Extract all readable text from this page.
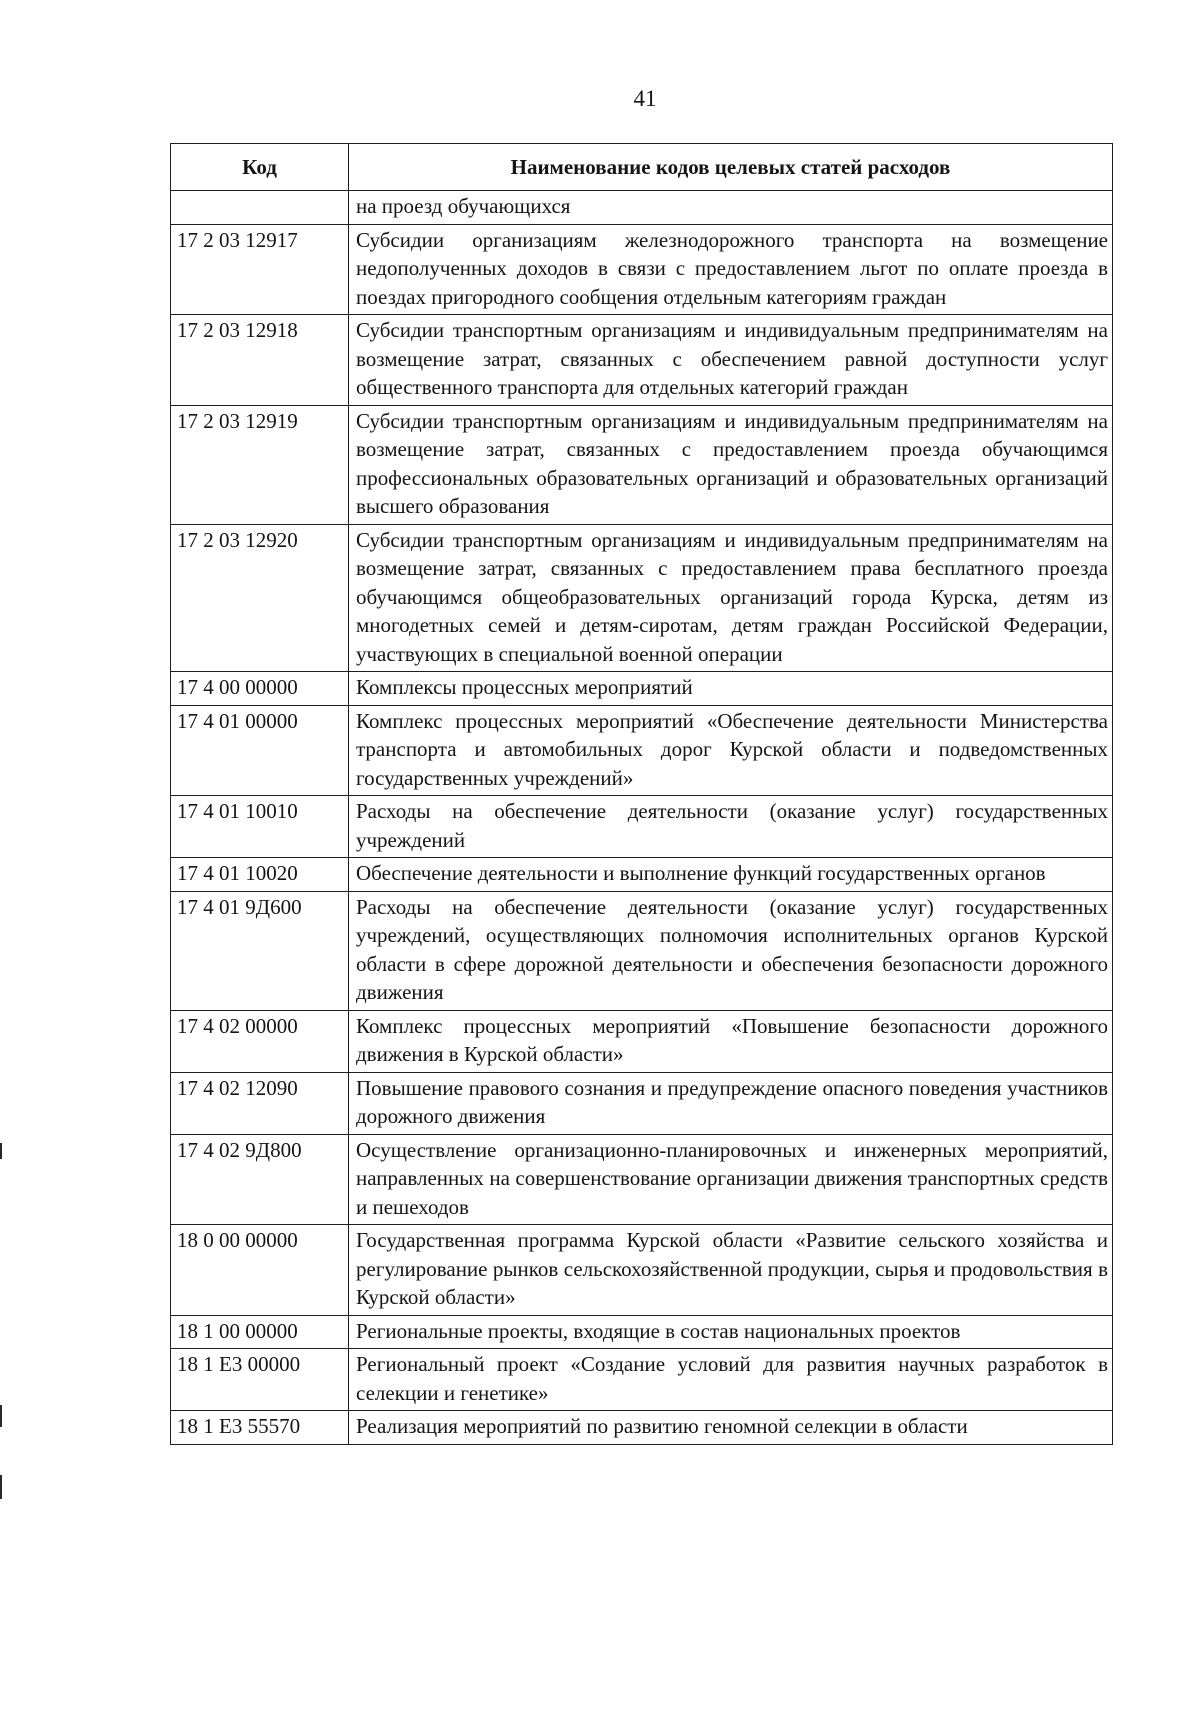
41
Код	Наименование кодов целевых статей расходов
	на проезд обучающихся
17 2 03 12917	Субсидии организациям железнодорожного транспорта на возмещение недополученных доходов в связи с предоставлением льгот по оплате проезда в поездах пригородного сообщения отдельным категориям граждан
17 2 03 12918	Субсидии транспортным организациям и индивидуальным предпринимателям на возмещение затрат, связанных с обеспечением равной доступности услуг общественного транспорта для отдельных категорий граждан
17 2 03 12919	Субсидии транспортным организациям и индивидуальным предпринимателям на возмещение затрат, связанных с предоставлением проезда обучающимся профессиональных образовательных организаций и образовательных организаций высшего образования
17 2 03 12920	Субсидии транспортным организациям и индивидуальным предпринимателям на возмещение затрат, связанных с предоставлением права бесплатного проезда обучающимся общеобразовательных организаций города Курска, детям из многодетных семей и детям-сиротам, детям граждан Российской Федерации, участвующих в специальной военной операции
17 4 00 00000	Комплексы процессных мероприятий
17 4 01 00000	Комплекс процессных мероприятий «Обеспечение деятельности Министерства транспорта и автомобильных дорог Курской области и подведомственных государственных учреждений»
17 4 01 10010	Расходы на обеспечение деятельности (оказание услуг) государственных учреждений
17 4 01 10020	Обеспечение деятельности и выполнение функций государственных органов
17 4 01 9Д600	Расходы на обеспечение деятельности (оказание услуг) государственных учреждений, осуществляющих полномочия исполнительных органов Курской области в сфере дорожной деятельности и обеспечения безопасности дорожного движения
17 4 02 00000	Комплекс процессных мероприятий «Повышение безопасности дорожного движения в Курской области»
17 4 02 12090	Повышение правового сознания и предупреждение опасного поведения участников дорожного движения
17 4 02 9Д800	Осуществление организационно-планировочных и инженерных мероприятий, направленных на совершенствование организации движения транспортных средств и пешеходов
18 0 00 00000	Государственная программа Курской области «Развитие сельского хозяйства и регулирование рынков сельскохозяйственной продукции, сырья и продовольствия в Курской области»
18 1 00 00000	Региональные проекты, входящие в состав национальных проектов
18 1 Е3 00000	Региональный проект «Создание условий для развития научных разработок в селекции и генетике»
18 1 Е3 55570	Реализация мероприятий по развитию геномной селекции в области
